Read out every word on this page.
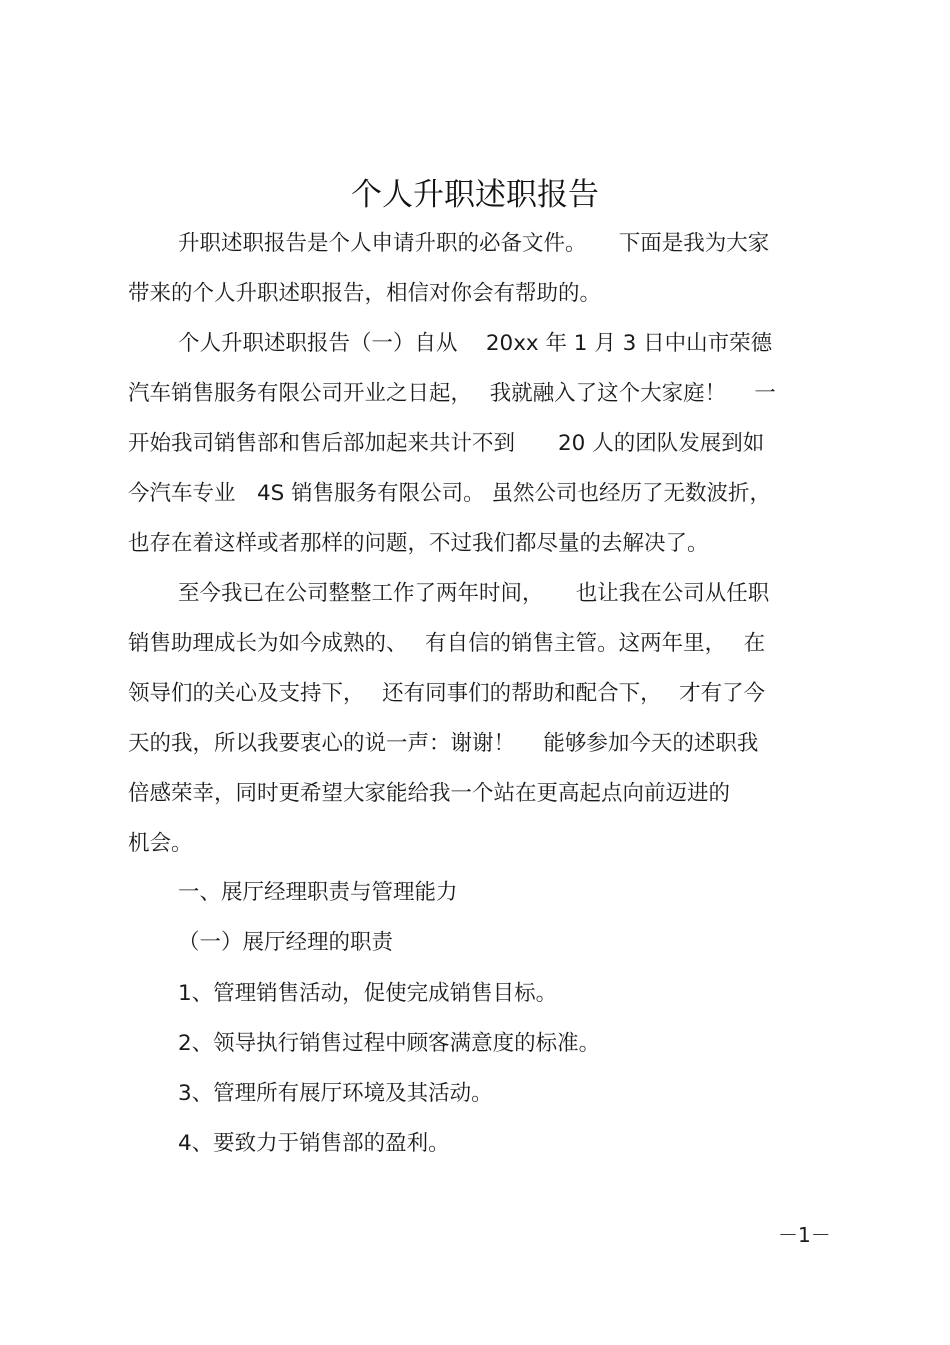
个人升职述职报告
升职述职报告是个人申请升职的必备文件。　　下面是我为大家
带来的个人升职述职报告，相信对你会有帮助的。
个人升职述职报告（一）自从　 20xx 年 1 月 3 日中山市荣德
汽车销售服务有限公司开业之日起，　 我就融入了这个大家庭！　 一
开始我司销售部和售后部加起来共计不到　　20 人的团队发展到如
今汽车专业　4S 销售服务有限公司。 虽然公司也经历了无数波折，
也存在着这样或者那样的问题，不过我们都尽量的去解决了。
至今我已在公司整整工作了两年时间，　　也让我在公司从任职
销售助理成长为如今成熟的、　 有自信的销售主管。这两年里，　 在
领导们的关心及支持下，　 还有同事们的帮助和配合下，　 才有了今
天的我，所以我要衷心的说一声：谢谢！　 能够参加今天的述职我
倍感荣幸，同时更希望大家能给我一个站在更高起点向前迈进的
机会。
一、展厅经理职责与管理能力
（一）展厅经理的职责
1、管理销售活动，促使完成销售目标。
2、领导执行销售过程中顾客满意度的标准。
3、管理所有展厅环境及其活动。
4、要致力于销售部的盈利。
－1－
